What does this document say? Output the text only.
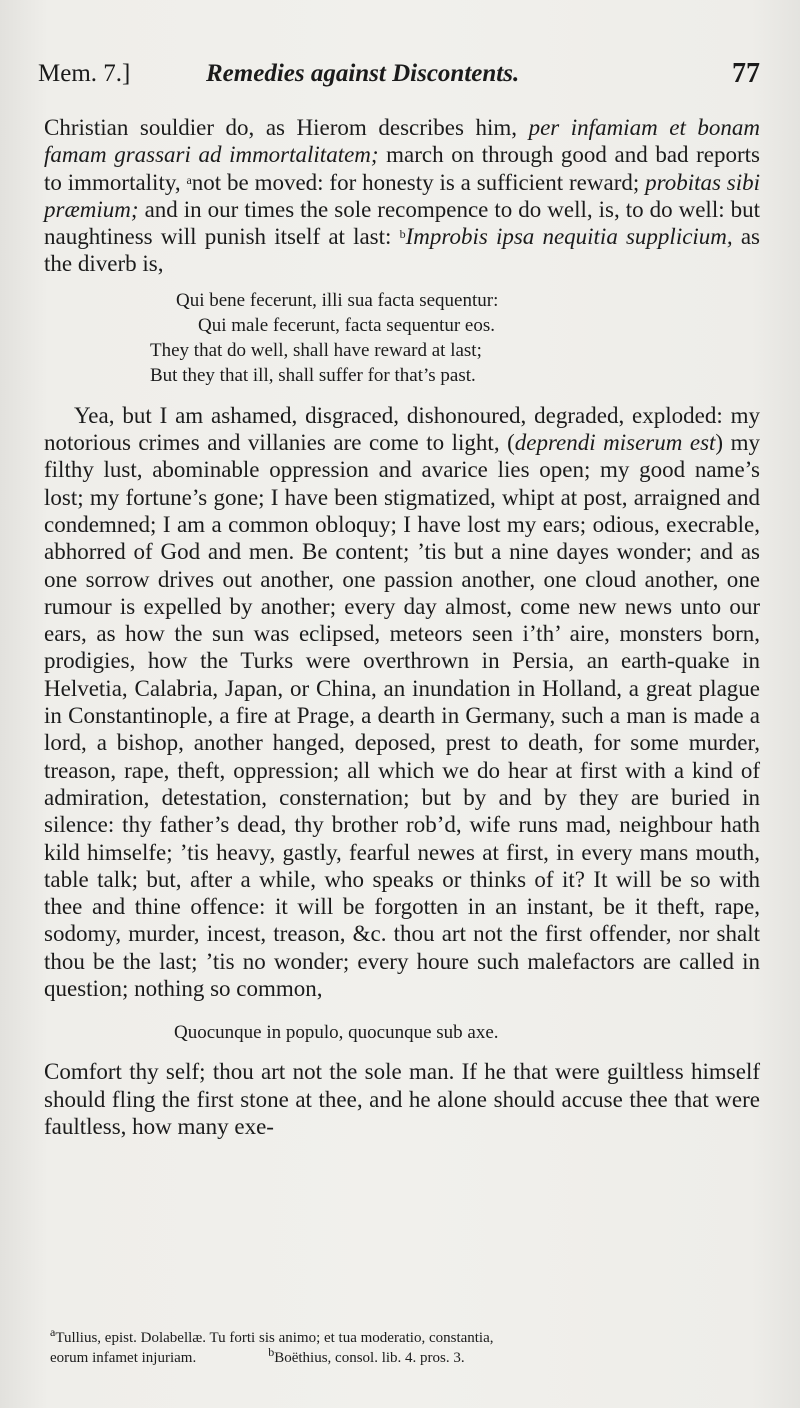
Mem. 7.]	Remedies against Discontents.	77

Christian souldier do, as Hierom describes him, per infamiam et bonam famam grassari ad immortalitatem; march on through good and bad reports to immortality, $^a$not be moved: for honesty is a sufficient reward; probitas sibi præmium; and in our times the sole recompence to do well, is, to do well: but naughtiness will punish itself at last: $^b$Improbis ipsa nequitia supplicium, as the diverb is,

Qui bene fecerunt, illi sua facta sequentur:
Qui male fecerunt, facta sequentur eos.
They that do well, shall have reward at last;
But they that ill, shall suffer for that’s past.

Yea, but I am ashamed, disgraced, dishonoured, degraded, exploded: my notorious crimes and villanies are come to light, (deprendi miserum est) my filthy lust, abominable oppression and avarice lies open; my good name’s lost; my fortune’s gone; I have been stigmatized, whipt at post, arraigned and condemned; I am a common obloquy; I have lost my ears; odious, execrable, abhorred of God and men. Be content; ’tis but a nine dayes wonder; and as one sorrow drives out another, one passion another, one cloud another, one rumour is expelled by another; every day almost, come new news unto our ears, as how the sun was eclipsed, meteors seen i’th’ aire, monsters born, prodigies, how the Turks were overthrown in Persia, an earth-quake in Helvetia, Calabria, Japan, or China, an inundation in Holland, a great plague in Constantinople, a fire at Prage, a dearth in Germany, such a man is made a lord, a bishop, another hanged, deposed, prest to death, for some murder, treason, rape, theft, oppression; all which we do hear at first with a kind of admiration, detestation, consternation; but by and by they are buried in silence: thy father’s dead, thy brother rob’d, wife runs mad, neighbour hath kild himselfe; ’tis heavy, gastly, fearful newes at first, in every mans mouth, table talk; but, after a while, who speaks or thinks of it? It will be so with thee and thine offence: it will be forgotten in an instant, be it theft, rape, sodomy, murder, incest, treason, &c. thou art not the first offender, nor shalt thou be the last; ’tis no wonder; every houre such malefactors are called in question; nothing so common,

Quocunque in populo, quocunque sub axe.

Comfort thy self; thou art not the sole man. If he that were guiltless himself should fling the first stone at thee, and he alone should accuse thee that were faultless, how many exe-

$^a$Tullius, epist. Dolabellæ. Tu forti sis animo; et tua moderatio, constantia,
eorum infamet injuriam.	$^b$Boëthius, consol. lib. 4. pros. 3.
